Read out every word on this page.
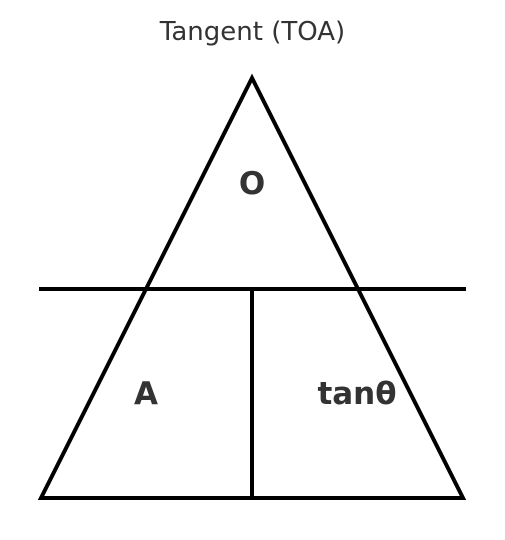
Tangent (TOA)
O
A	tanθ
